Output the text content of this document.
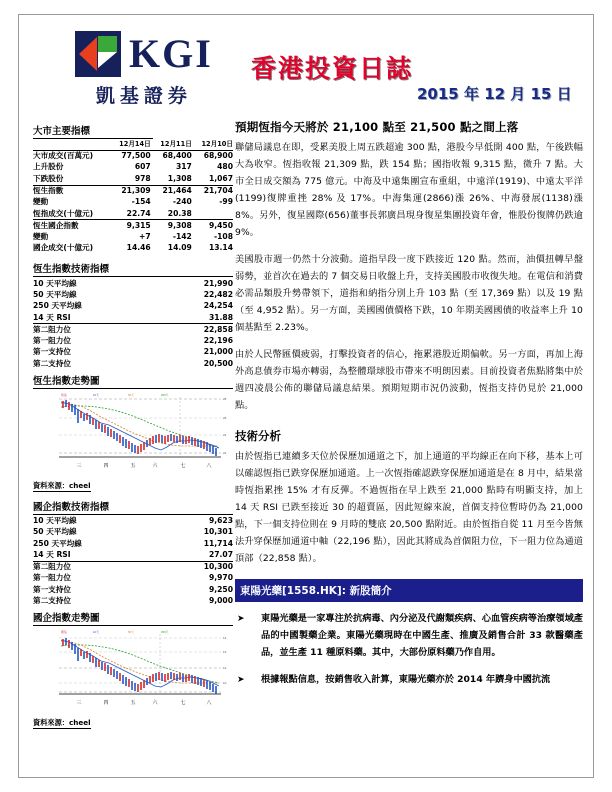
KGI
凱基證券
香港投資日誌
2015 年 12 月 15 日
大市主要指標
	12月14日	12月11日	12月10日
大市成交(百萬元)	77,500	68,400	68,900
上升股份	607	317	480
下跌股份	978	1,308	1,067
恆生指數	21,309	21,464	21,704
變動	-154	-240	-99
恆指成交(十億元)	22.74	20.38	
恆生國企指數	9,315	9,308	9,450
變動	+7	-142	-108
國企成交(十億元)	14.46	14.09	13.14
恆生指數技術指標
10 天平均線	21,990
50 天平均線	22,482
250 天平均線	24,254
14 天 RSI	31.88
第二阻力位	22,858
第一阻力位	22,196
第一支持位	21,000
第二支持位	20,500
恆生指數走勢圖
恆指	10天	50天	250天
28
26
24
22
三	四	五	六	七	八
資料來源：cheel
國企指數技術指標
10 天平均線	9,623
50 天平均線	10,301
250 天平均線	11,714
14 天 RSI	27.07
第二阻力位	10,300
第一阻力位	9,970
第一支持位	9,250
第二支持位	9,000
國企指數走勢圖
國指	10天	50天	250天
14
13
12
10
三	四	五	六	七	八
資料來源：cheel
預期恆指今天將於 21,100 點至 21,500 點之間上落

聯儲局議息在即，受累美股上周五跌超逾 300 點，港股今早低開 400 點，午後跌幅大為收窄。恆指收報 21,309 點，跌 154 點；國指收報 9,315 點，微升 7 點。大市全日成交額為 775 億元。中海及中遠集團宣布重組，中遠洋(1919)、中遠太平洋(1199)復牌重挫 28% 及 17%。中海集運(2866)漲 26%、中海發展(1138)漲 8%。另外，復星國際(656)董事長郭廣昌現身復星集團投資年會，惟股份復牌仍跌逾 9%。

美國股市週一仍然十分波動。道指早段一度下跌接近 120 點。然而，油價扭轉早盤弱勢，並首次在過去的 7 個交易日收盤上升，支持美國股市收復失地。在電信和消費必需品類股升勢帶領下，道指和納指分別上升 103 點（至 17,369 點）以及 19 點（至 4,952 點）。另一方面，美國國債價格下跌，10 年期美國國債的收益率上升 10 個基點至 2.23%。

由於人民幣匯價疲弱，打擊投資者的信心，拖累港股近期偏軟。另一方面，再加上海外高息債券市場亦轉弱，為整體環球股市帶來不明朗因素。目前投資者焦點將集中於週四凌晨公佈的聯儲局議息結果。預期短期市況仍波動，恆指支持仍見於 21,000 點。

技術分析

由於恆指已連續多天位於保歷加通道之下，加上通道的平均線正在向下移，基本上可以確認恆指已跌穿保歷加通道。上一次恆指確認跌穿保歷加通道是在 8 月中，結果當時恆指累挫 15% 才有反彈。不過恆指在早上跌至 21,000 點時有明顯支持，加上 14 天 RSI 已跌至接近 30 的超賣區，因此短線來說，首個支持位暫時仍為 21,000 點，下一個支持位則在 9 月時的雙底 20,500 點附近。由於恆指自從 11 月至今皆無法升穿保歷加通道中軸（22,196 點），因此其將成為首個阻力位，下一阻力位為通道頂部（22,858 點）。

東陽光藥[1558.HK]: 新股簡介
➤ 東陽光藥是一家專注於抗病毒、內分泌及代謝類疾病、心血管疾病等治療領域產品的中國製藥企業。東陽光藥現時在中國生產、推廣及銷售合計 33 款醫藥產品，並生產 11 種原料藥。其中，大部份原料藥乃作自用。
➤ 根據報點信息，按銷售收入計算，東陽光藥亦於 2014 年躋身中國抗流
